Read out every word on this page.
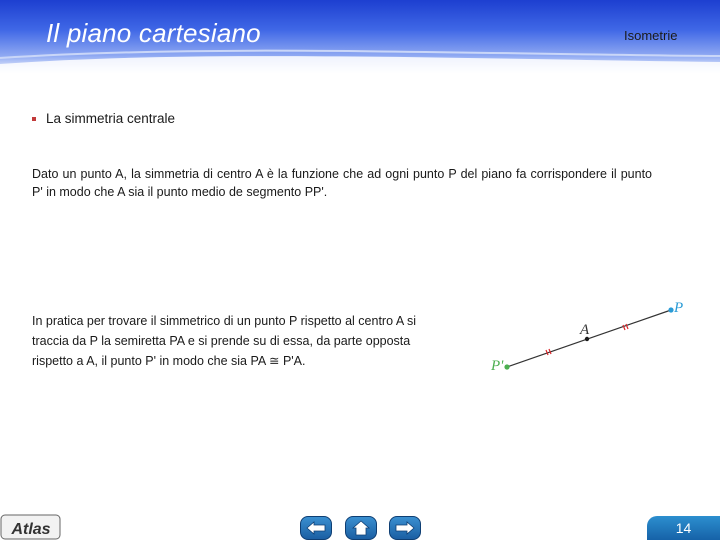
Il piano cartesiano	Isometrie
La simmetria centrale
Dato un punto A, la simmetria di centro A è la funzione che ad ogni punto P del piano fa corrispondere il punto P' in modo che A sia il punto medio de segmento PP'.
In pratica per trovare il simmetrico di un punto P rispetto al centro A si traccia da P la semiretta PA e si prende su di essa, da parte opposta rispetto a A, il punto P' in modo che sia PA ≅ P'A.
P
A
P'
Atlas	14
